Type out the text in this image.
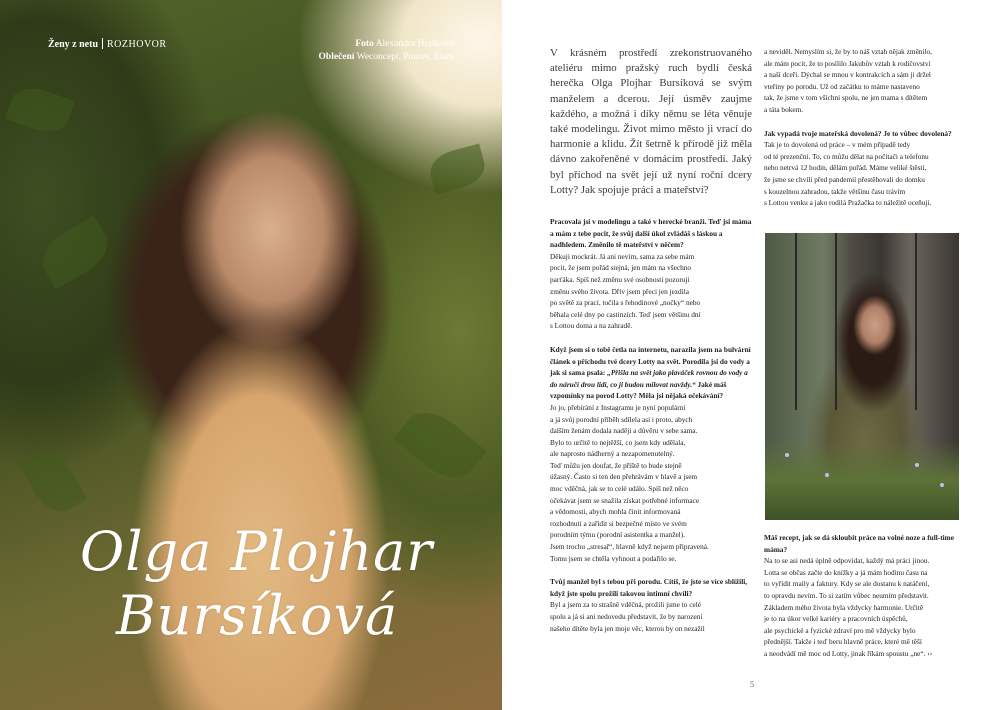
Ženy z netu ROZHOVOR	Foto Alexandra Hrašková
Oblečení Weconcept, Poures, Etam
Olga Plojhar
Bursíková
V krásném prostředí zrekonstruovaného ateliéru mimo pražský ruch bydlí česká herečka Olga Plojhar Bursíková se svým manželem a dcerou. Její úsměv zaujme každého, a možná i díky němu se léta věnuje také modelingu. Život mimo město ji vrací do harmonie a klidu. Žít šetrně k přírodě již měla dávno zakořeněné v domácím prostředí. Jaký byl příchod na svět její už nyní roční dcery Lotty? Jak spojuje práci a mateřství?

Pracovala jsi v modelingu a také v herecké branži. Teď jsi máma a mám z tebe pocit, že svůj další úkol zvládáš s láskou a nadhledem. Změnilo tě mateřství v něčem?

Děkuji mockrát. Já ani nevím, sama za sebe mám
pocit, že jsem pořád stejná, jen mám na všechno
parťáka. Spíš než změnu své osobnosti pozoruji
změnu svého života. Dřív jsem přeci jen jezdila
po světě za prací, točila s řehodinové „nočky“ nebo
běhala celé dny po castinzích. Teď jsem většinu dní
s Lottou doma a na zahradě.

Když jsem si o tobě četla na internetu, narazila jsem na bulvární článek o příchodu tvé dcery Lotty na svět. Porodila jsi do vody a jak si sama psala: „Přišla na svět jako plaváček rovnou do vody a do náručí drou lidí, co ji budou milovat navždy.“ Jaké máš vzpomínky na porod Lotty? Měla jsi nějaká očekávání?

Jo jo, přebírání z Instagramu je nyní populární
a já svůj porodní příběh sdílela asi i proto, abych
dalším ženám dodala naději a důvěru v sebe sama.
Bylo to určitě to nejtěžší, co jsem kdy udělala,
ale naprosto nádherný a nezapomenutelný.
Teď můžu jen doufat, že příště to bude stejně
úžasný. Často si ten den přehrávám v hlavě a jsem
moc vděčná, jak se to celé událo. Spíš než něco
očekávat jsem se snažila získat potřebné informace
a vědomosti, abych mohla činit informovaná
rozhodnutí a zařídit si bezpečné místo ve svém
porodním týmu (porodní asistentka a manžel).
Jsem trochu „stresař“, hlavně když nejsem připravená.
Tomu jsem se chtěla vyhnout a podařilo se.

Tvůj manžel byl s tebou při porodu. Cítíš, že jste se více sblížili, když jste spolu prožili takovou intimní chvíli?

Byl a jsem za to strašně vděčná, prožili jsme to celé
spolu a já si ani nedovedu představit, že by narození
našeho dítěte byla jen moje věc, kterou by on nezažil

a neviděl. Nemyslím si, že by to náš vztah nějak změnilo,
ale mám pocit, že to posílilo Jakubův vztah k rodičovství
a naší dceři. Dýchal se mnou v kontrakcích a sám ji držel
vteřiny po porodu. Už od začátku to máme nastaveno
tak, že jsme v tom všichni spolu, ne jen mama s dítětem
a táta bokem.

Jak vypadá tvoje mateřská dovolená? Je to vůbec dovolená?

Tak je to dovolená od práce – v mém případě tedy
od té prezenční. To, co můžu dělat na počítači a telefonu
nebo netrvá 12 hodin, dělám pořád. Máme veliké štěstí,
že jsme se chvíli před pandemií přestěhovali do domku
s kouzelnou zahradou, takže většinu času trávím
s Lottou venku a jako rodilá Pražačka to náležitě oceňuji.

Máš recept, jak se dá skloubit práce na volné noze a full-time máma?

Na to se asi nedá úplně odpovídat, každý má práci jinou.
Lotta se občas začte do knížky a já mám hodinu času na
to vyřídit maily a faktury. Kdy se ale dostanu k natáčení,
to opravdu nevím. To si zatím vůbec neumím představit.
Základem mého života byla vždycky harmonie. Určitě
je to na úkor velké kariéry a pracovních úspěchů,
ale psychické a fyzické zdraví pro mě vždycky bylo
přednější. Takže i teď beru hlavně práce, které mě těší
a neodvádí mě moc od Lotty, jinak říkám spoustu „ne“. ››

5
